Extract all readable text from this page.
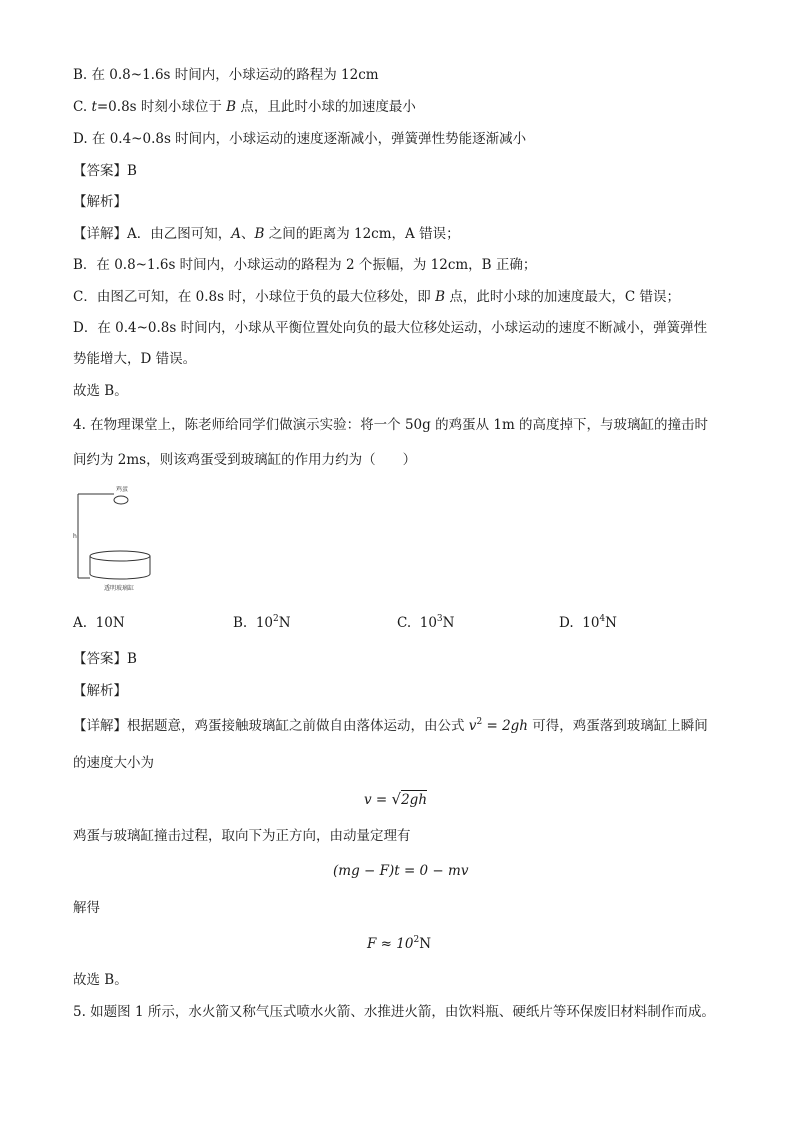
B. 在 0.8~1.6s 时间内，小球运动的路程为 12cm
C. t=0.8s 时刻小球位于 B 点，且此时小球的加速度最小
D. 在 0.4~0.8s 时间内，小球运动的速度逐渐减小，弹簧弹性势能逐渐减小
【答案】B
【解析】
【详解】A．由乙图可知，A、B 之间的距离为 12cm，A 错误；
B．在 0.8~1.6s 时间内，小球运动的路程为 2 个振幅，为 12cm，B 正确；
C．由图乙可知，在 0.8s 时，小球位于负的最大位移处，即 B 点，此时小球的加速度最大，C 错误；
D．在 0.4~0.8s 时间内，小球从平衡位置处向负的最大位移处运动，小球运动的速度不断减小，弹簧弹性
势能增大，D 错误。
故选 B。
4. 在物理课堂上，陈老师给同学们做演示实验：将一个 50g 的鸡蛋从 1m 的高度掉下，与玻璃缸的撞击时
间约为 2ms，则该鸡蛋受到玻璃缸的作用力约为（　　）
鸡蛋
h
透明玻璃缸
A. 10N	B. $10^2N$	C. $10^3N$	D. $10^4N$
【答案】B
【解析】
【详解】根据题意，鸡蛋接触玻璃缸之前做自由落体运动，由公式 $v^2 = 2gh$ 可得，鸡蛋落到玻璃缸上瞬间
的速度大小为
v = √2gh
鸡蛋与玻璃缸撞击过程，取向下为正方向，由动量定理有
(mg − F)t = 0 − mv
解得
$F \approx 10^2N$
故选 B。
5. 如题图 1 所示，水火箭又称气压式喷水火箭、水推进火箭，由饮料瓶、硬纸片等环保废旧材料制作而成。
